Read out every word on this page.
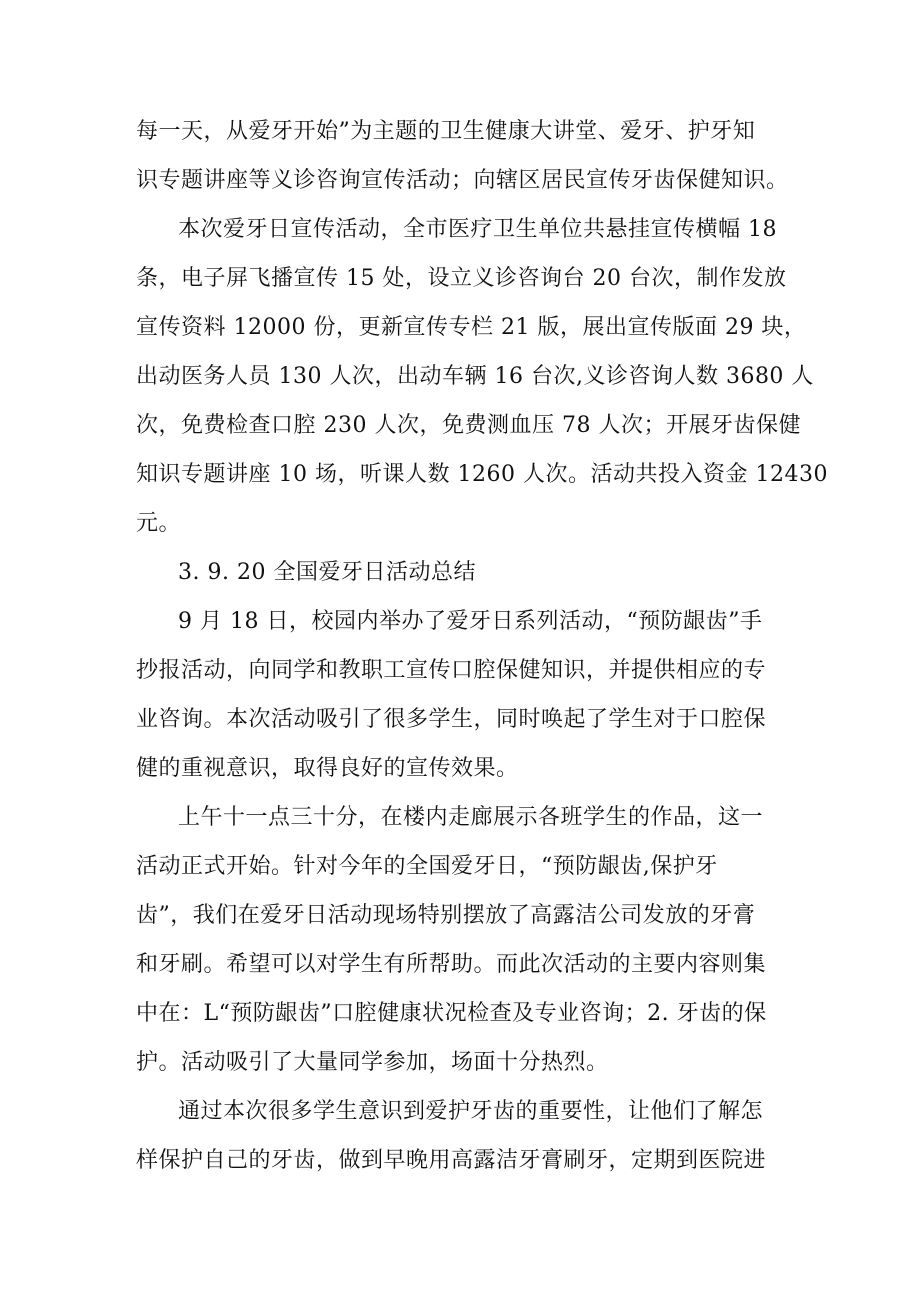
每一天，从爱牙开始”为主题的卫生健康大讲堂、爱牙、护牙知
识专题讲座等义诊咨询宣传活动；向辖区居民宣传牙齿保健知识。
本次爱牙日宣传活动，全市医疗卫生单位共悬挂宣传横幅 18
条，电子屏飞播宣传 15 处，设立义诊咨询台 20 台次，制作发放
宣传资料 12000 份，更新宣传专栏 21 版，展出宣传版面 29 块，
出动医务人员 130 人次，出动车辆 16 台次,义诊咨询人数 3680 人
次，免费检查口腔 230 人次，免费测血压 78 人次；开展牙齿保健
知识专题讲座 10 场，听课人数 1260 人次。活动共投入资金 12430
元。
3. 9. 20 全国爱牙日活动总结
9 月 18 日，校园内举办了爱牙日系列活动，“预防龈齿”手
抄报活动，向同学和教职工宣传口腔保健知识，并提供相应的专
业咨询。本次活动吸引了很多学生，同时唤起了学生对于口腔保
健的重视意识，取得良好的宣传效果。
上午十一点三十分，在楼内走廊展示各班学生的作品，这一
活动正式开始。针对今年的全国爱牙日，“预防龈齿,保护牙
齿”，我们在爱牙日活动现场特别摆放了高露洁公司发放的牙膏
和牙刷。希望可以对学生有所帮助。而此次活动的主要内容则集
中在：L“预防龈齿”口腔健康状况检查及专业咨询；2. 牙齿的保
护。活动吸引了大量同学参加，场面十分热烈。
通过本次很多学生意识到爱护牙齿的重要性，让他们了解怎
样保护自己的牙齿，做到早晚用高露洁牙膏刷牙，定期到医院进
